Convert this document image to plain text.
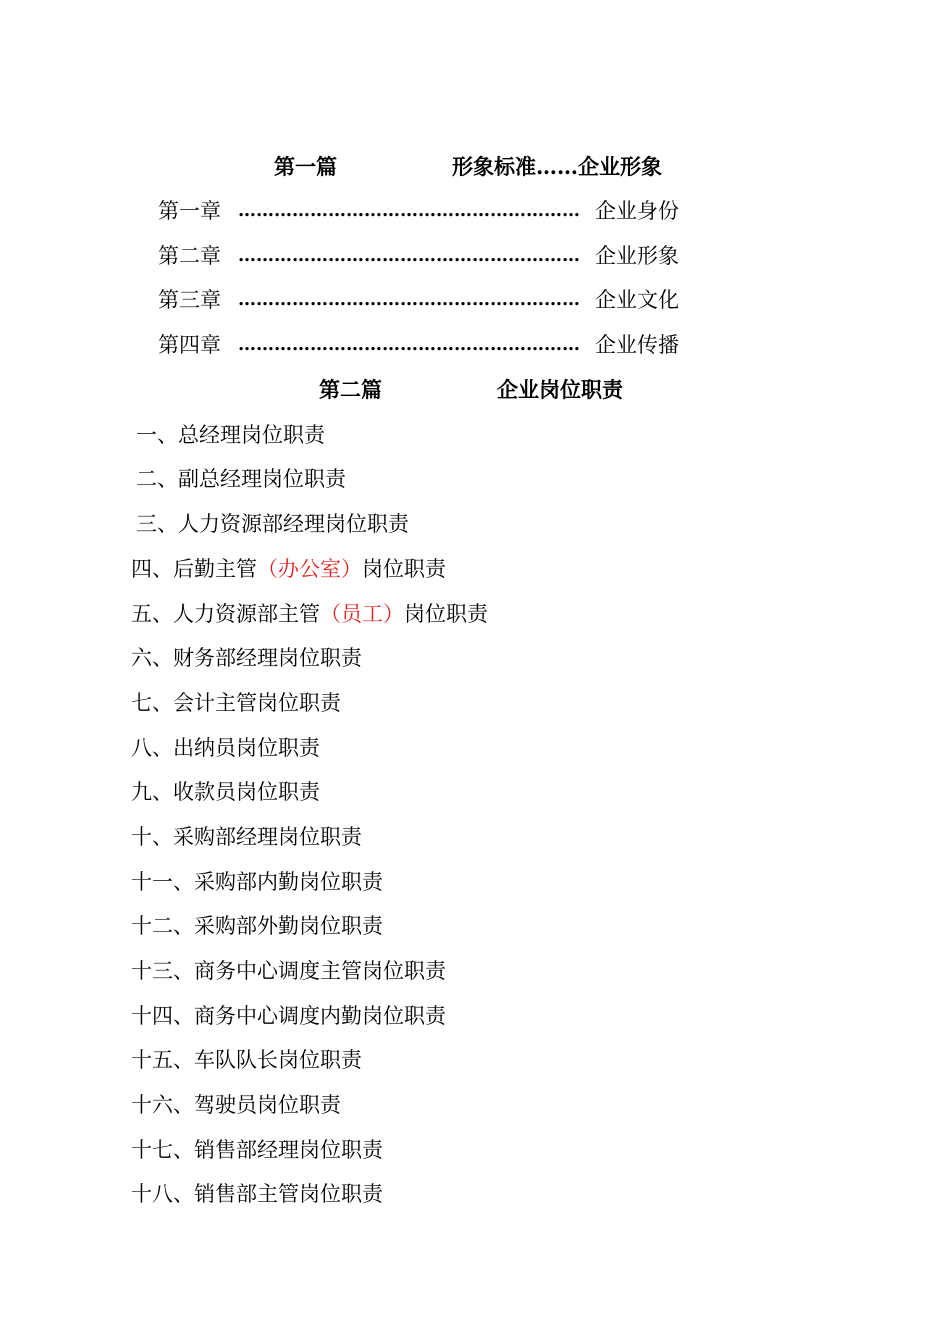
第一篇	形象标准……企业形象
第一章 ………………………………………………… 企业身份
第二章 ………………………………………………… 企业形象
第三章 ………………………………………………… 企业文化
第四章 ………………………………………………… 企业传播
第二篇	企业岗位职责
一、总经理岗位职责
二、副总经理岗位职责
三、人力资源部经理岗位职责
四、后勤主管（办公室）岗位职责
五、人力资源部主管（员工）岗位职责
六、财务部经理岗位职责
七、会计主管岗位职责
八、出纳员岗位职责
九、收款员岗位职责
十、采购部经理岗位职责
十一、采购部内勤岗位职责
十二、采购部外勤岗位职责
十三、商务中心调度主管岗位职责
十四、商务中心调度内勤岗位职责
十五、车队队长岗位职责
十六、驾驶员岗位职责
十七、销售部经理岗位职责
十八、销售部主管岗位职责
